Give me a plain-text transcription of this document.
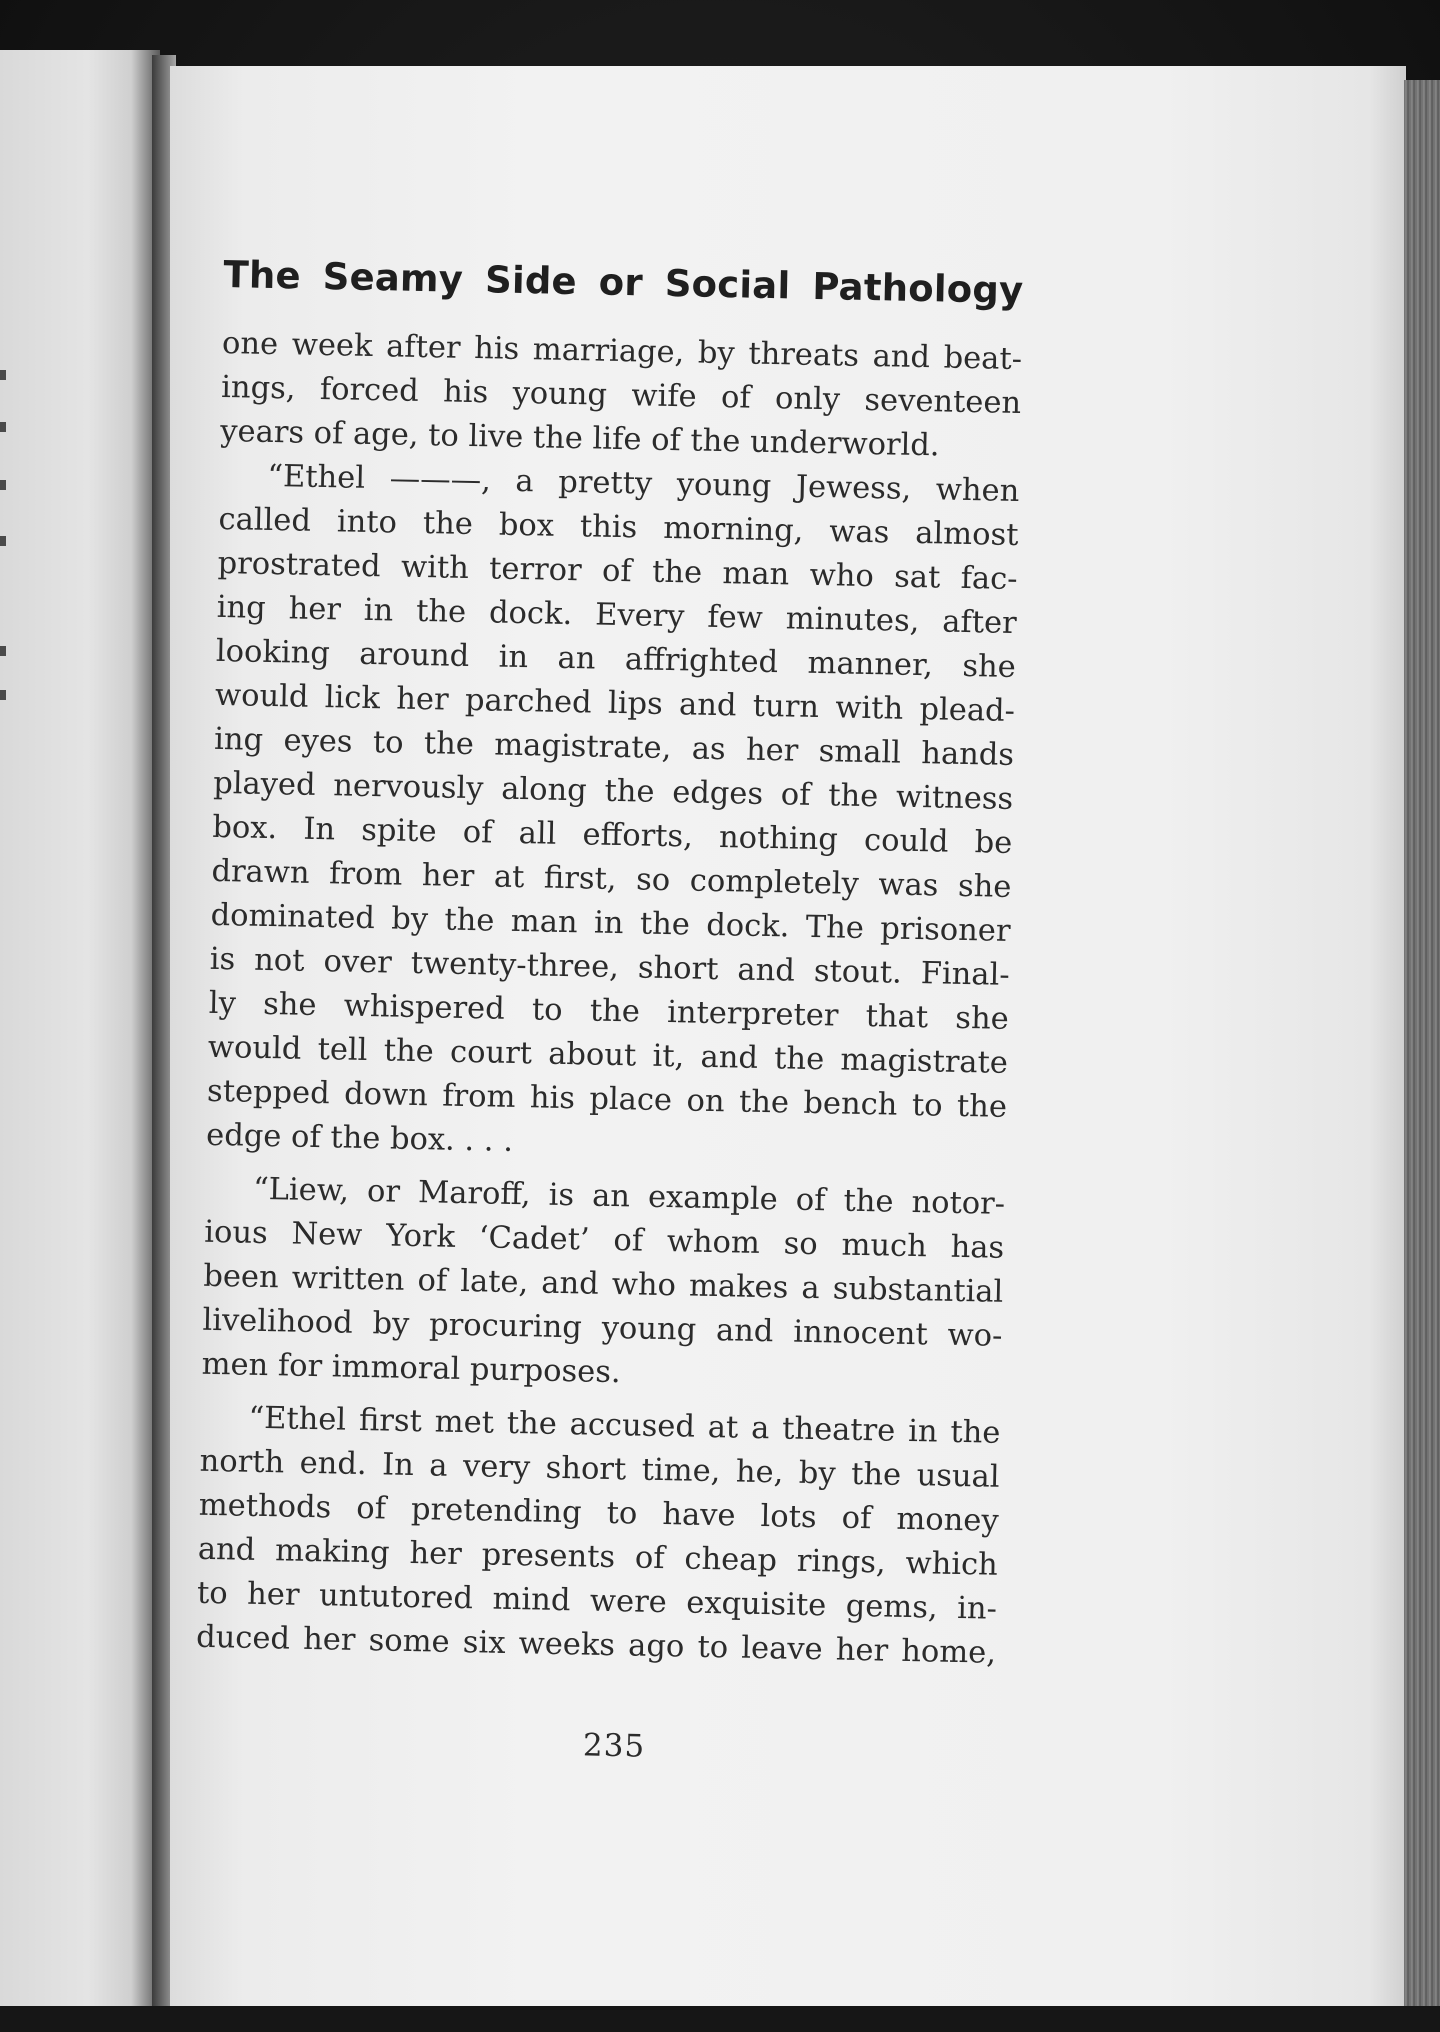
The Seamy Side or Social Pathology
one week after his marriage, by threats and beat-
ings, forced his young wife of only seventeen
years of age, to live the life of the underworld.
“Ethel ———, a pretty young Jewess, when
called into the box this morning, was almost
prostrated with terror of the man who sat fac-
ing her in the dock. Every few minutes, after
looking around in an affrighted manner, she
would lick her parched lips and turn with plead-
ing eyes to the magistrate, as her small hands
played nervously along the edges of the witness
box. In spite of all efforts, nothing could be
drawn from her at first, so completely was she
dominated by the man in the dock. The prisoner
is not over twenty-three, short and stout. Final-
ly she whispered to the interpreter that she
would tell the court about it, and the magistrate
stepped down from his place on the bench to the
edge of the box. . . .
“Liew, or Maroff, is an example of the notor-
ious New York ‘Cadet’ of whom so much has
been written of late, and who makes a substantial
livelihood by procuring young and innocent wo-
men for immoral purposes.
“Ethel first met the accused at a theatre in the
north end. In a very short time, he, by the usual
methods of pretending to have lots of money
and making her presents of cheap rings, which
to her untutored mind were exquisite gems, in-
duced her some six weeks ago to leave her home,
235
